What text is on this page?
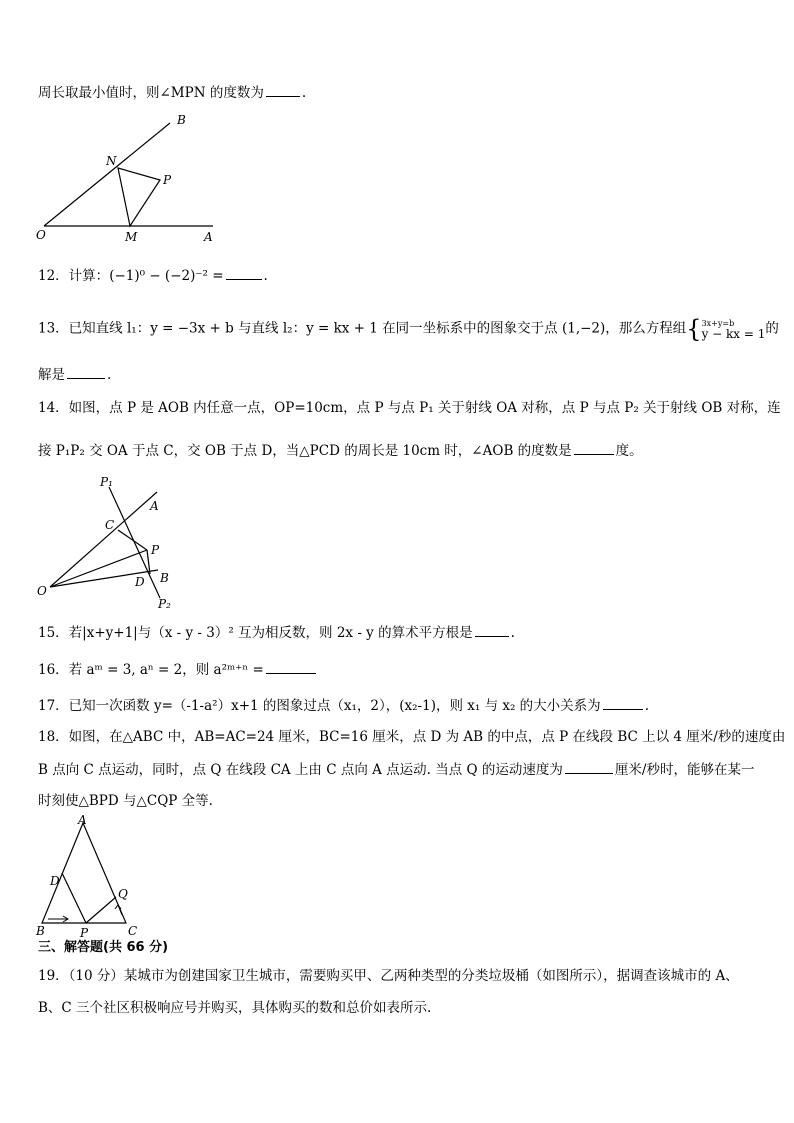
周长取最小值时，则∠MPN 的度数为	.
B
N
P
O	M	A
12．计算：(−1)⁰ − (−2)⁻² =	.
13．已知直线 l₁：y = −3x + b 与直线 l₂：y = kx + 1 在同一坐标系中的图象交于点 (1,−2)，那么方程组{ 3x+y=b
y − kx = 1 的
解是	.
14．如图，点 P 是 AOB 内任意一点，OP=10cm，点 P 与点 P₁ 关于射线 OA 对称，点 P 与点 P₂ 关于射线 OB 对称，连
接 P₁P₂ 交 OA 于点 C，交 OB 于点 D，当△PCD 的周长是 10cm 时，∠AOB 的度数是	度。
P₁
A
C
P
D B
O
P₂
15．若|x+y+1|与（x - y - 3）² 互为相反数，则 2x - y 的算术平方根是	.
16．若 aᵐ = 3, aⁿ = 2，则 a²ᵐ⁺ⁿ =
17．已知一次函数 y=（-1-a²）x+1 的图象过点（x₁，2），(x₂-1)，则 x₁ 与 x₂ 的大小关系为	.
18．如图，在△ABC 中，AB=AC=24 厘米，BC=16 厘米，点 D 为 AB 的中点，点 P 在线段 BC 上以 4 厘米/秒的速度由
B 点向 C 点运动，同时，点 Q 在线段 CA 上由 C 点向 A 点运动. 当点 Q 的运动速度为	厘米/秒时，能够在某一
时刻使△BPD 与△CQP 全等.
A
D
Q
B	P	C
三、解答题(共 66 分)
19．（10 分）某城市为创建国家卫生城市，需要购买甲、乙两种类型的分类垃圾桶（如图所示），据调查该城市的 A、
B、C 三个社区积极响应号并购买，具体购买的数和总价如表所示.
